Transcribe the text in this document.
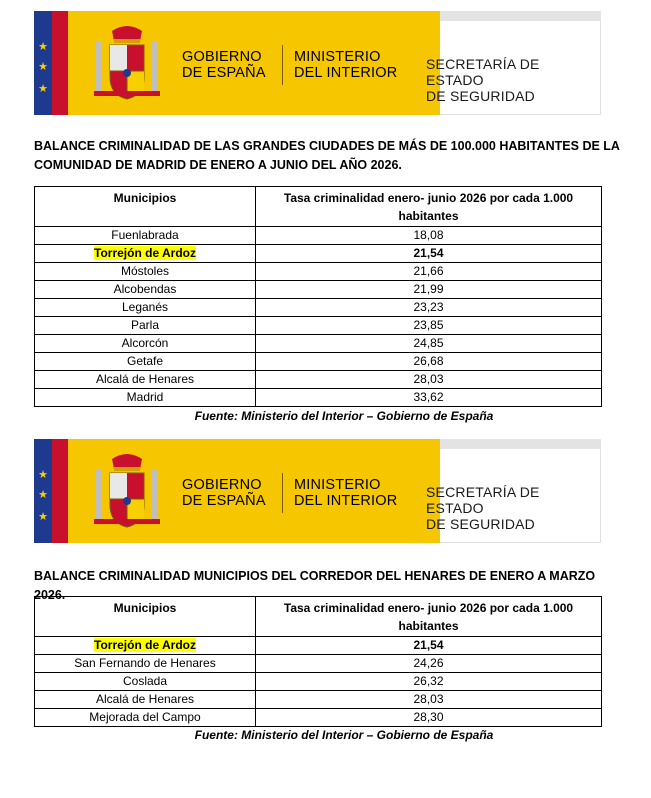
★
★
★
GOBIERNO
DE ESPAÑA
MINISTERIO
DEL INTERIOR
SECRETARÍA DE ESTADO
DE SEGURIDAD
BALANCE CRIMINALIDAD DE LAS GRANDES CIUDADES DE MÁS DE 100.000 HABITANTES DE LA COMUNIDAD DE MADRID DE ENERO A JUNIO DEL AÑO 2026.
Municipios	Tasa criminalidad enero- junio 2026 por cada 1.000 habitantes
Fuenlabrada	18,08
Torrejón de Ardoz	21,54
Móstoles	21,66
Alcobendas	21,99
Leganés	23,23
Parla	23,85
Alcorcón	24,85
Getafe	26,68
Alcalá de Henares	28,03
Madrid	33,62
Fuente: Ministerio del Interior – Gobierno de España
★
★
★
GOBIERNO
DE ESPAÑA
MINISTERIO
DEL INTERIOR
SECRETARÍA DE ESTADO
DE SEGURIDAD
BALANCE CRIMINALIDAD MUNICIPIOS DEL CORREDOR DEL HENARES DE ENERO A MARZO 2026.
Municipios	Tasa criminalidad enero- junio 2026 por cada 1.000 habitantes
Torrejón de Ardoz	21,54
San Fernando de Henares	24,26
Coslada	26,32
Alcalá de Henares	28,03
Mejorada del Campo	28,30
Fuente: Ministerio del Interior – Gobierno de España
